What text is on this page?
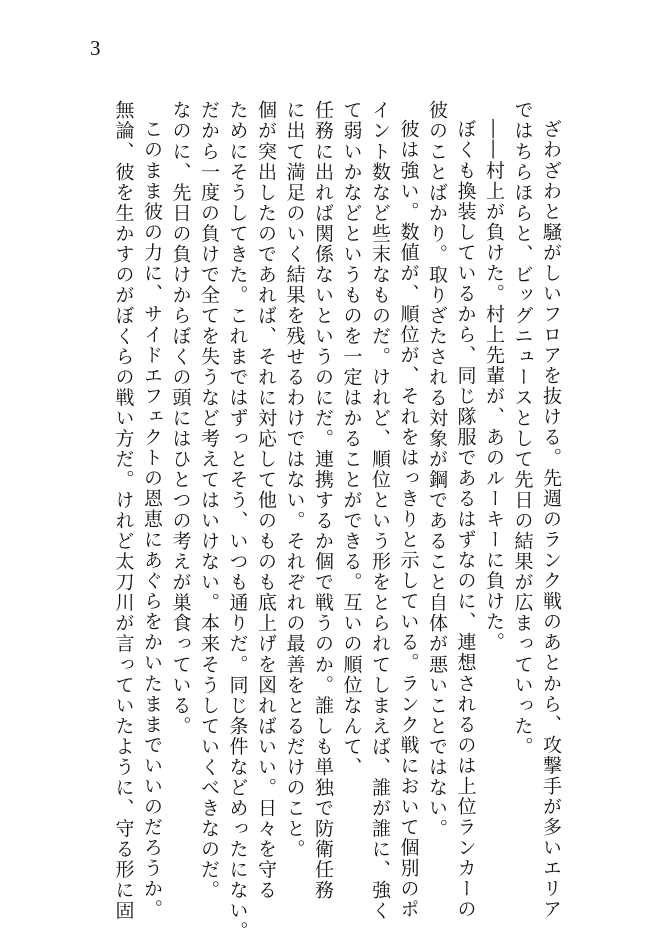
3

ざわざわと騒がしいフロアを抜ける。先週のランク戦のあとから、攻撃手が多いエリア

ではちらほらと、ビッグニュースとして先日の結果が広まっていった。

――村上が負けた。村上先輩が、あのルーキーに負けた。

ぼくも換装しているから、同じ隊服であるはずなのに、連想されるのは上位ランカーの

彼のことばかり。取りざたされる対象が鋼であること自体が悪いことではない。

彼は強い。数値が、順位が、それをはっきりと示している。ランク戦において個別のポ

イント数など些末なものだ。けれど、順位という形をとられてしまえば、誰が誰に、強く

て弱いかなどというものを一定はかることができる。互いの順位なんて、

任務に出れば関係ないというのにだ。連携するか個で戦うのか。誰しも単独で防衛任務

に出て満足のいく結果を残せるわけではない。それぞれの最善をとるだけのこと。

個が突出したのであれば、それに対応して他のものも底上げを図ればいい。日々を守る

ためにそうしてきた。これまではずっとそう、いつも通りだ。同じ条件などめったにない。

だから一度の負けで全てを失うなど考えてはいけない。本来そうしていくべきなのだ。

なのに、先日の負けからぼくの頭にはひとつの考えが巣食っている。

このまま彼の力に、サイドエフェクトの恩恵にあぐらをかいたままでいいのだろうか。

無論、彼を生かすのがぼくらの戦い方だ。けれど太刀川が言っていたように、守る形に固
